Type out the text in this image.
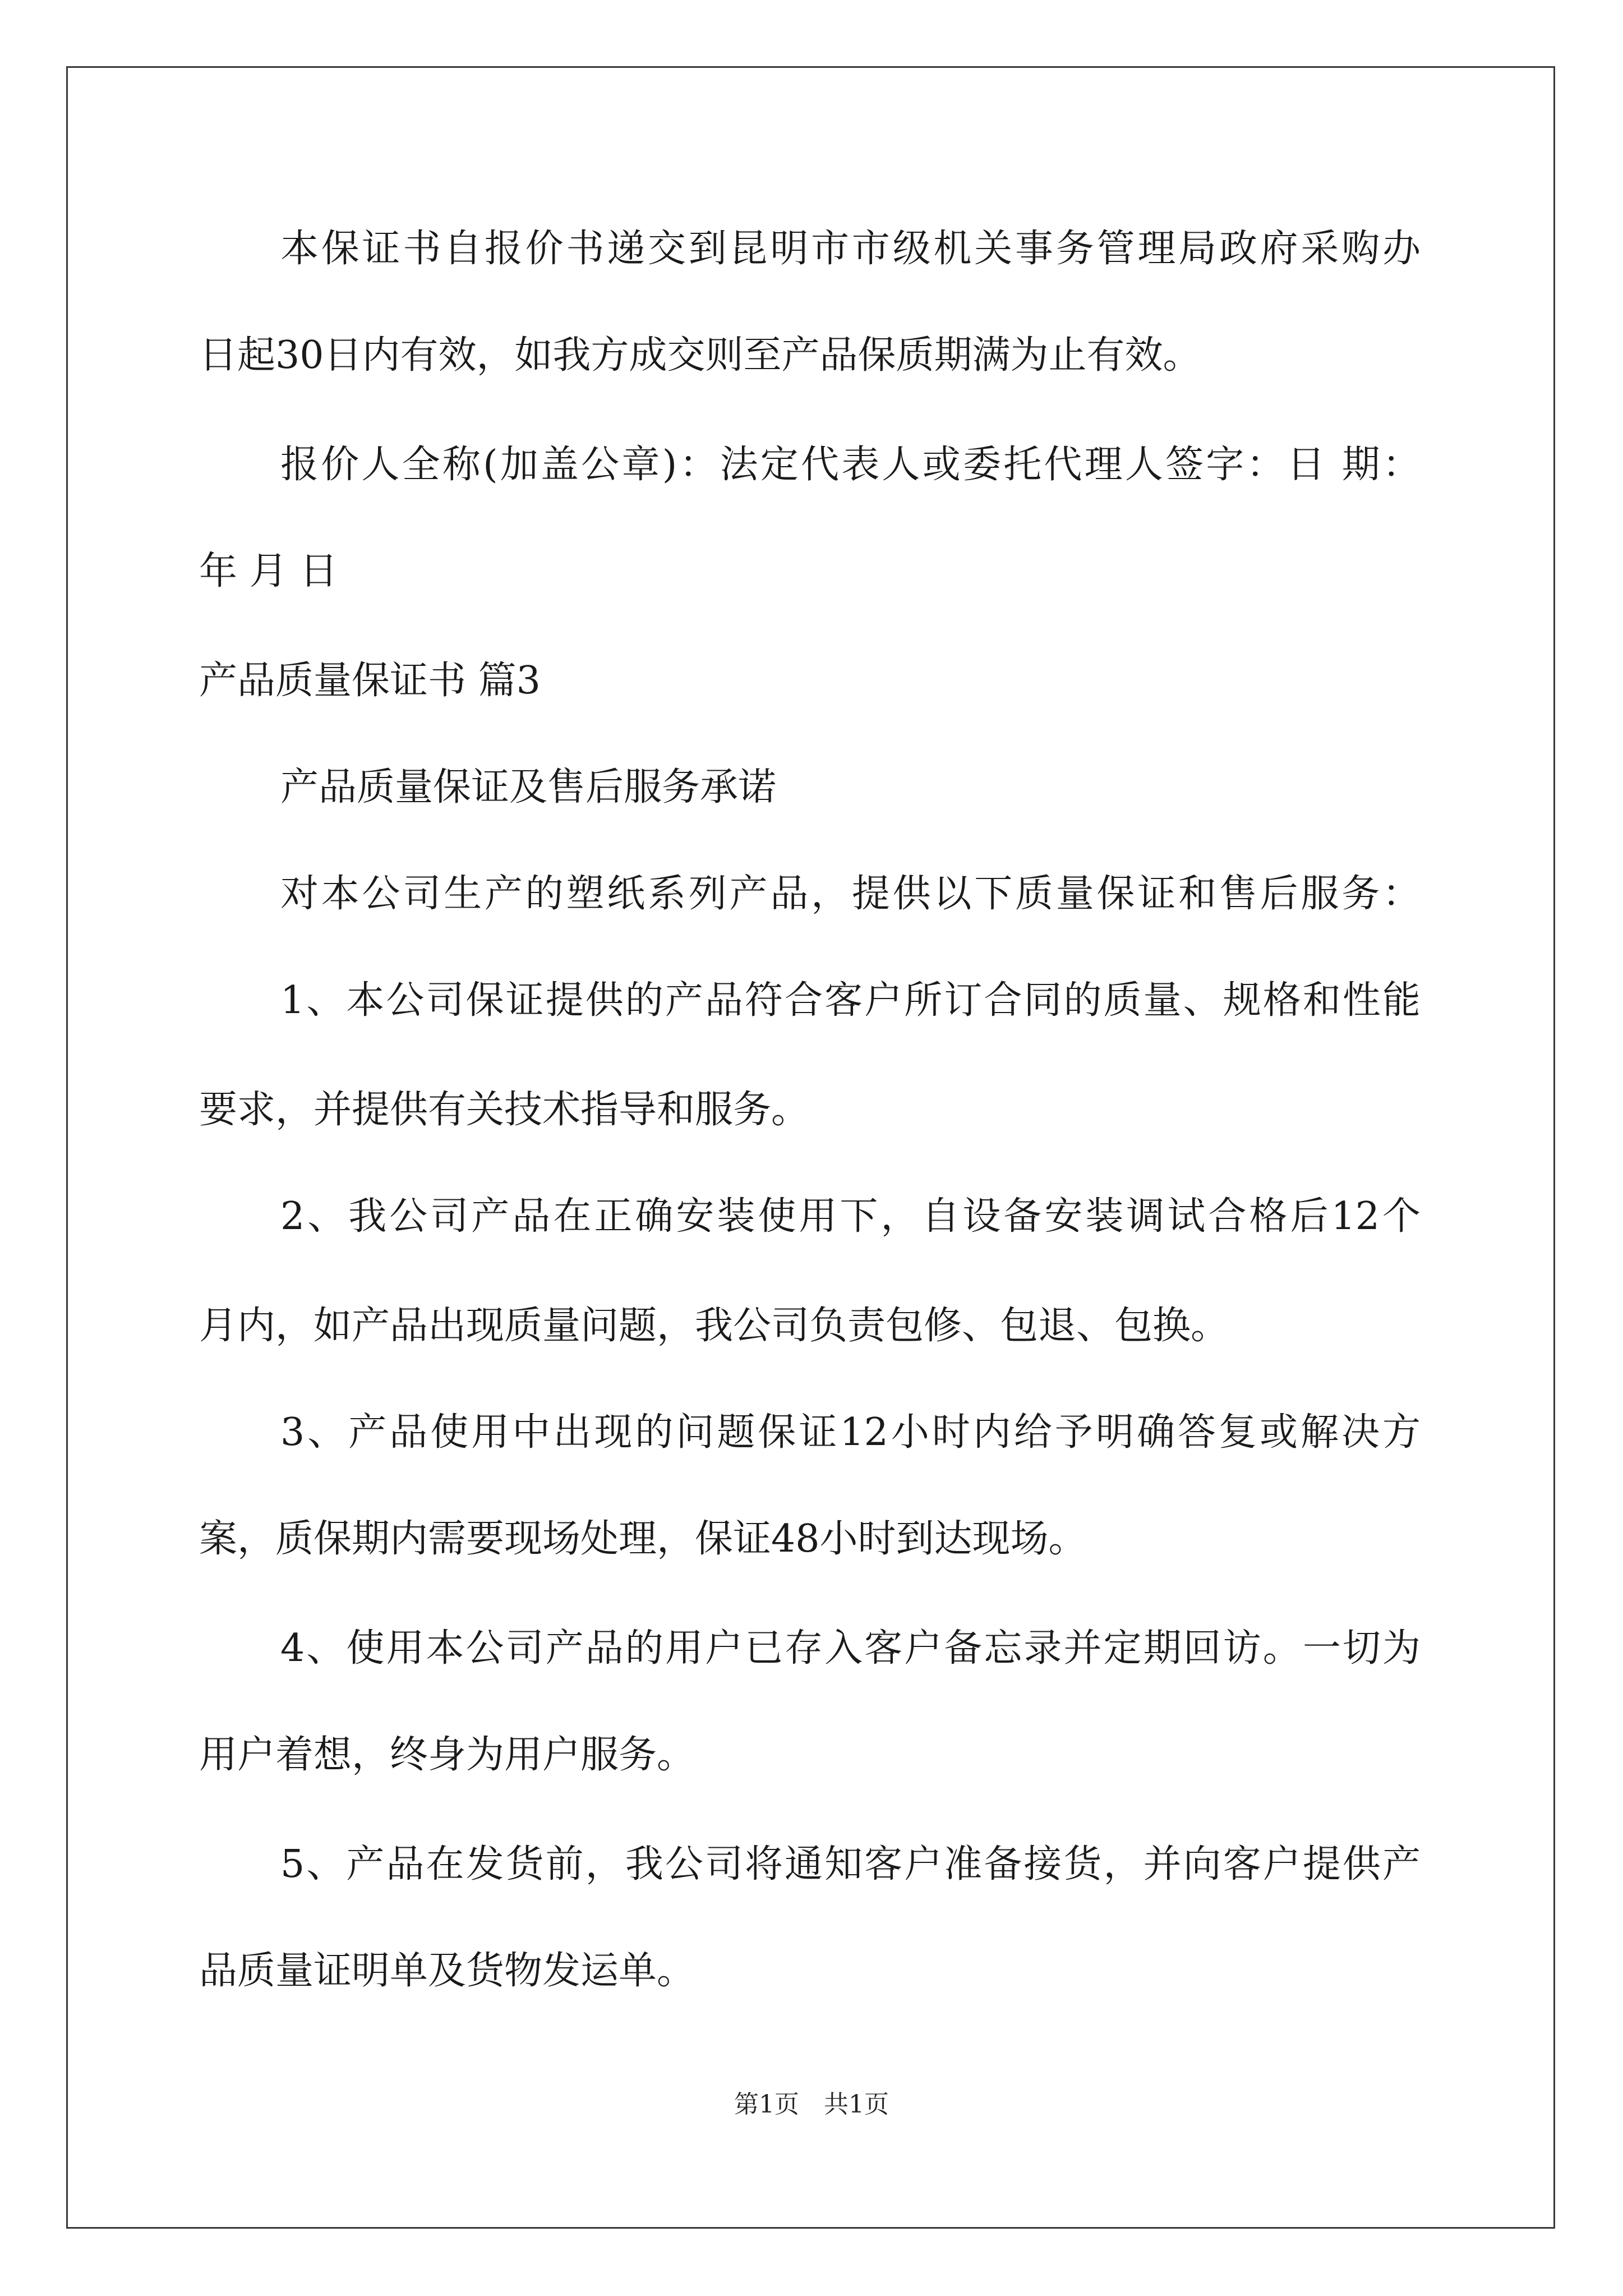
本保证书自报价书递交到昆明市市级机关事务管理局政府采购办
日起30日内有效，如我方成交则至产品保质期满为止有效。
报价人全称(加盖公章)：法定代表人或委托代理人签字：日 期：
年 月 日
产品质量保证书 篇3
产品质量保证及售后服务承诺
对本公司生产的塑纸系列产品，提供以下质量保证和售后服务：
1、本公司保证提供的产品符合客户所订合同的质量、规格和性能
要求，并提供有关技术指导和服务。
2、我公司产品在正确安装使用下，自设备安装调试合格后12个
月内，如产品出现质量问题，我公司负责包修、包退、包换。
3、产品使用中出现的问题保证12小时内给予明确答复或解决方
案，质保期内需要现场处理，保证48小时到达现场。
4、使用本公司产品的用户已存入客户备忘录并定期回访。一切为
用户着想，终身为用户服务。
5、产品在发货前，我公司将通知客户准备接货，并向客户提供产
品质量证明单及货物发运单。
第1页　共1页
